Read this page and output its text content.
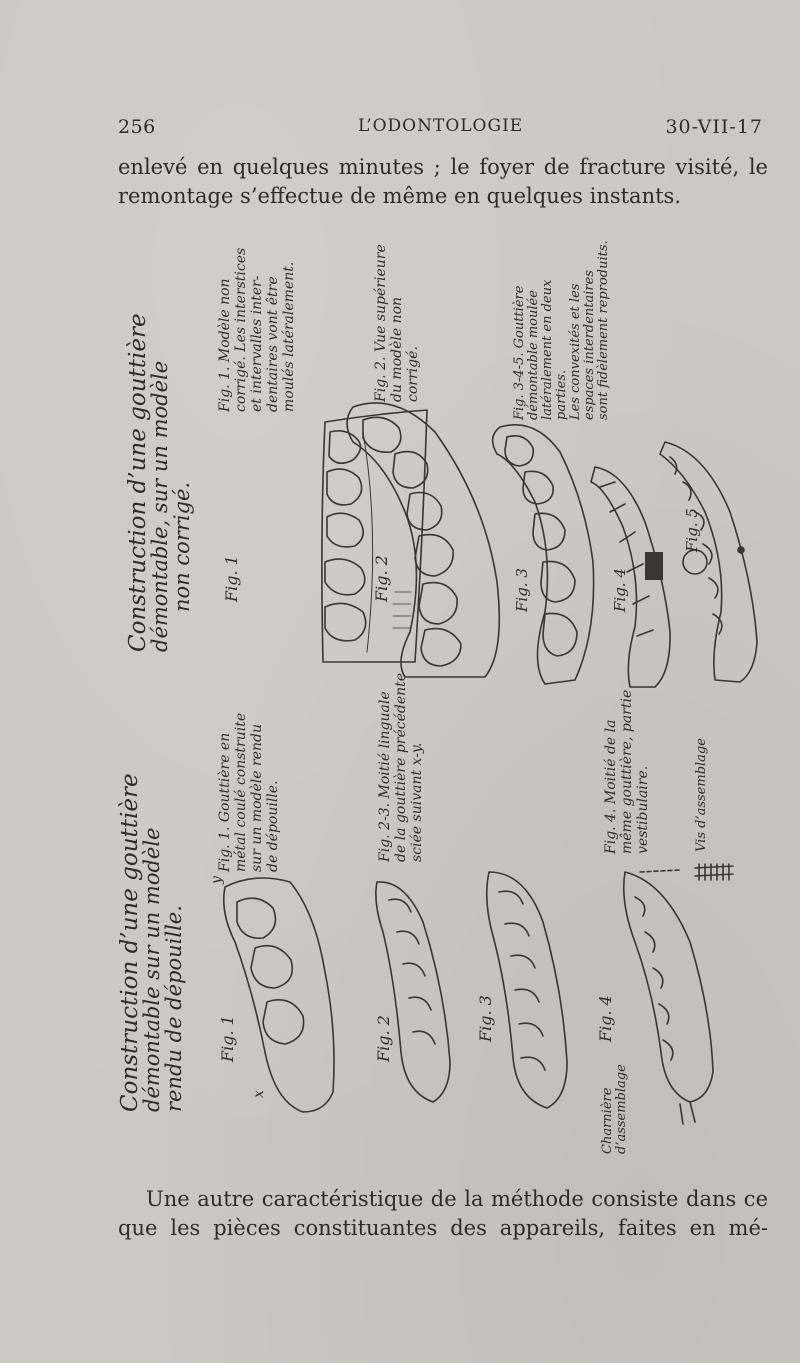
256	L’ODONTOLOGIE	30-VII-17
enlevé en quelques minutes ; le foyer de fracture visité, le
remontage s’effectue de même en quelques instants.
Construction d’une gouttière
démontable, sur un modèle
non corrigé.
Fig. 1. Modèle non corrigé. Les interstices et intervalles inter- dentaires vont être moulés latéralement.
Fig. 1
Fig. 2. Vue supérieure du modèle non corrigé.
Fig. 2
Fig. 3-4-5. Gouttière démontable moulée latéralement en deux parties. Les convexités et les espaces interdentaires sont fidèlement reproduits.
Fig. 3	Fig. 4
Fig. 5
Construction d’une gouttière
démontable sur un modèle
rendu de dépouille.
Fig. 1. Gouttière en métal coulé construite sur un modèle rendu de dépouille.
Fig. 1
x
y
Fig. 2-3. Moitié linguale de la gouttière précédente sciée suivant x-y.
Fig. 2	Fig. 3
Fig. 4. Moitié de la même gouttière, partie vestibulaire.
Fig. 4
Vis d’assemblage
Charnière d’assemblage
Une autre caractéristique de la méthode consiste dans ce
que les pièces constituantes des appareils, faites en mé-
